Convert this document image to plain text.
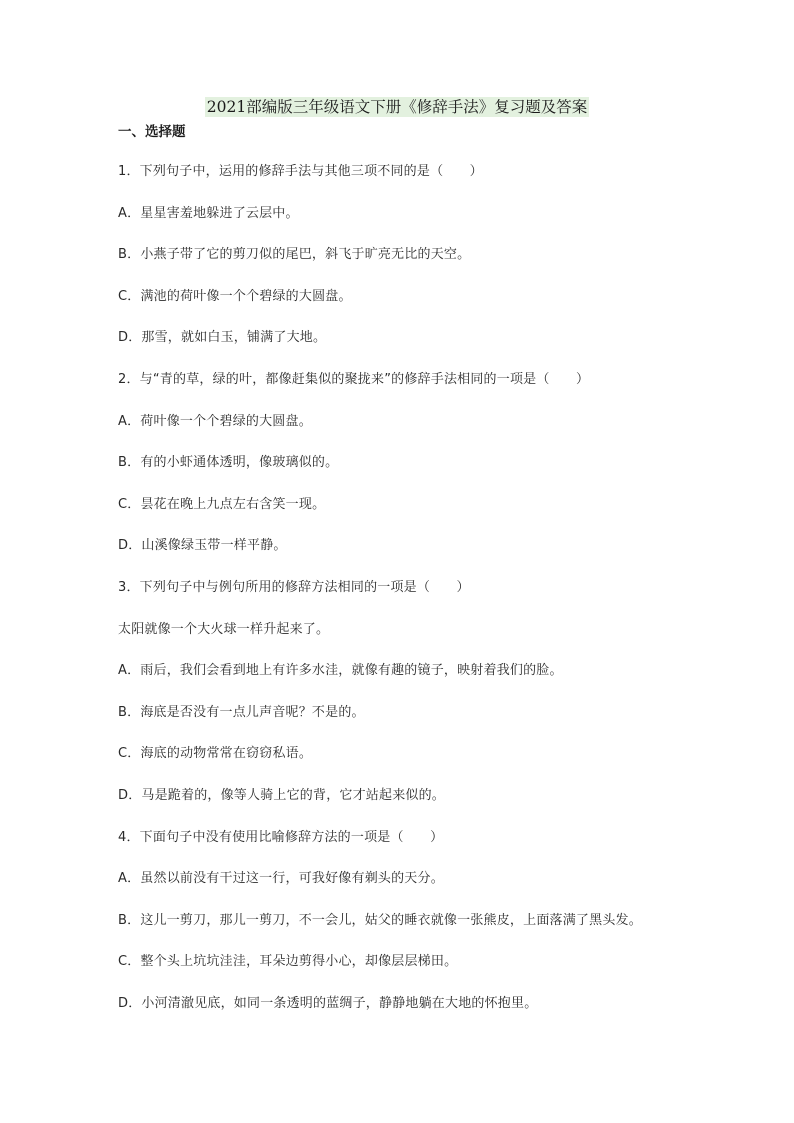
2021部编版三年级语文下册《修辞手法》复习题及答案
一、选择题
1．下列句子中，运用的修辞手法与其他三项不同的是（　　）
A．星星害羞地躲进了云层中。
B．小燕子带了它的剪刀似的尾巴，斜飞于旷亮无比的天空。
C．满池的荷叶像一个个碧绿的大圆盘。
D．那雪，就如白玉，铺满了大地。
2．与“青的草，绿的叶，都像赶集似的聚拢来”的修辞手法相同的一项是（　　）
A．荷叶像一个个碧绿的大圆盘。
B．有的小虾通体透明，像玻璃似的。
C．昙花在晚上九点左右含笑一现。
D．山溪像绿玉带一样平静。
3．下列句子中与例句所用的修辞方法相同的一项是（　　）
太阳就像一个大火球一样升起来了。
A．雨后，我们会看到地上有许多水洼，就像有趣的镜子，映射着我们的脸。
B．海底是否没有一点儿声音呢？不是的。
C．海底的动物常常在窃窃私语。
D．马是跪着的，像等人骑上它的背，它才站起来似的。
4．下面句子中没有使用比喻修辞方法的一项是（　　）
A．虽然以前没有干过这一行，可我好像有剃头的天分。
B．这儿一剪刀，那儿一剪刀，不一会儿，姑父的睡衣就像一张熊皮，上面落满了黑头发。
C．整个头上坑坑洼洼，耳朵边剪得小心，却像层层梯田。
D．小河清澈见底，如同一条透明的蓝绸子，静静地躺在大地的怀抱里。
